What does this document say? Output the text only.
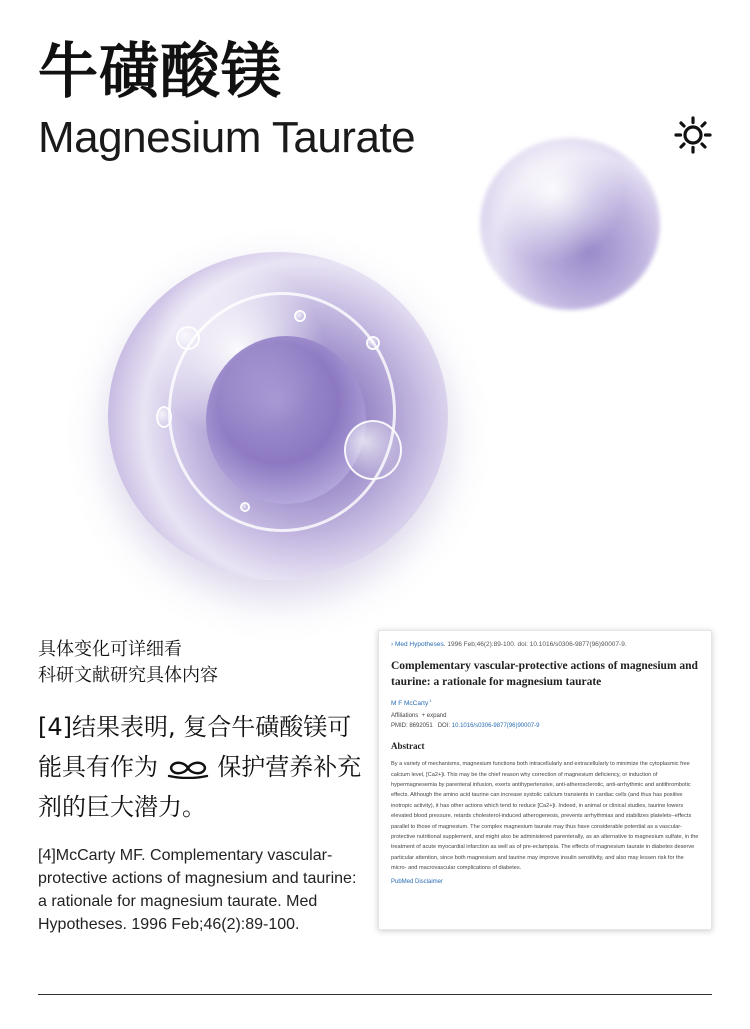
牛磺酸镁
Magnesium Taurate
具体变化可详细看
科研文献研究具体内容
[4]结果表明, 复合牛磺酸镁可能具有作为 保护营养补充剂的巨大潜力。
[4]McCarty MF. Complementary vascular-protective actions of magnesium and taurine: a rationale for magnesium taurate. Med Hypotheses. 1996 Feb;46(2):89-100.
› Med Hypotheses. 1996 Feb;46(2):89-100. doi: 10.1016/s0306-9877(96)90007-9.
Complementary vascular-protective actions of magnesium and taurine: a rationale for magnesium taurate
M F McCarty $^1$
Affiliations + expand
PMID: 8692051 DOI: 10.1016/s0306-9877(96)90007-9
Abstract
By a variety of mechanisms, magnesium functions both intracellularly and extracellularly to minimize the cytoplasmic free calcium level, [Ca2+]i. This may be the chief reason why correction of magnesium deficiency, or induction of hypermagnesemia by parenteral infusion, exerts antihypertensive, anti-atherosclerotic, anti-arrhythmic and antithrombotic effects. Although the amino acid taurine can increase systolic calcium transients in cardiac cells (and thus has positive inotropic activity), it has other actions which tend to reduce [Ca2+]i. Indeed, in animal or clinical studies, taurine lowers elevated blood pressure, retards cholesterol-induced atherogenesis, prevents arrhythmias and stabilizes platelets--effects parallel to those of magnesium. The complex magnesium taurate may thus have considerable potential as a vascular-protective nutritional supplement, and might also be administered parenterally, as an alternative to magnesium sulfate, in the treatment of acute myocardial infarction as well as of pre-eclampsia. The effects of magnesium taurate in diabetes deserve particular attention, since both magnesium and taurine may improve insulin sensitivity, and also may lessen risk for the micro- and macrovascular complications of diabetes.
PubMed Disclaimer
